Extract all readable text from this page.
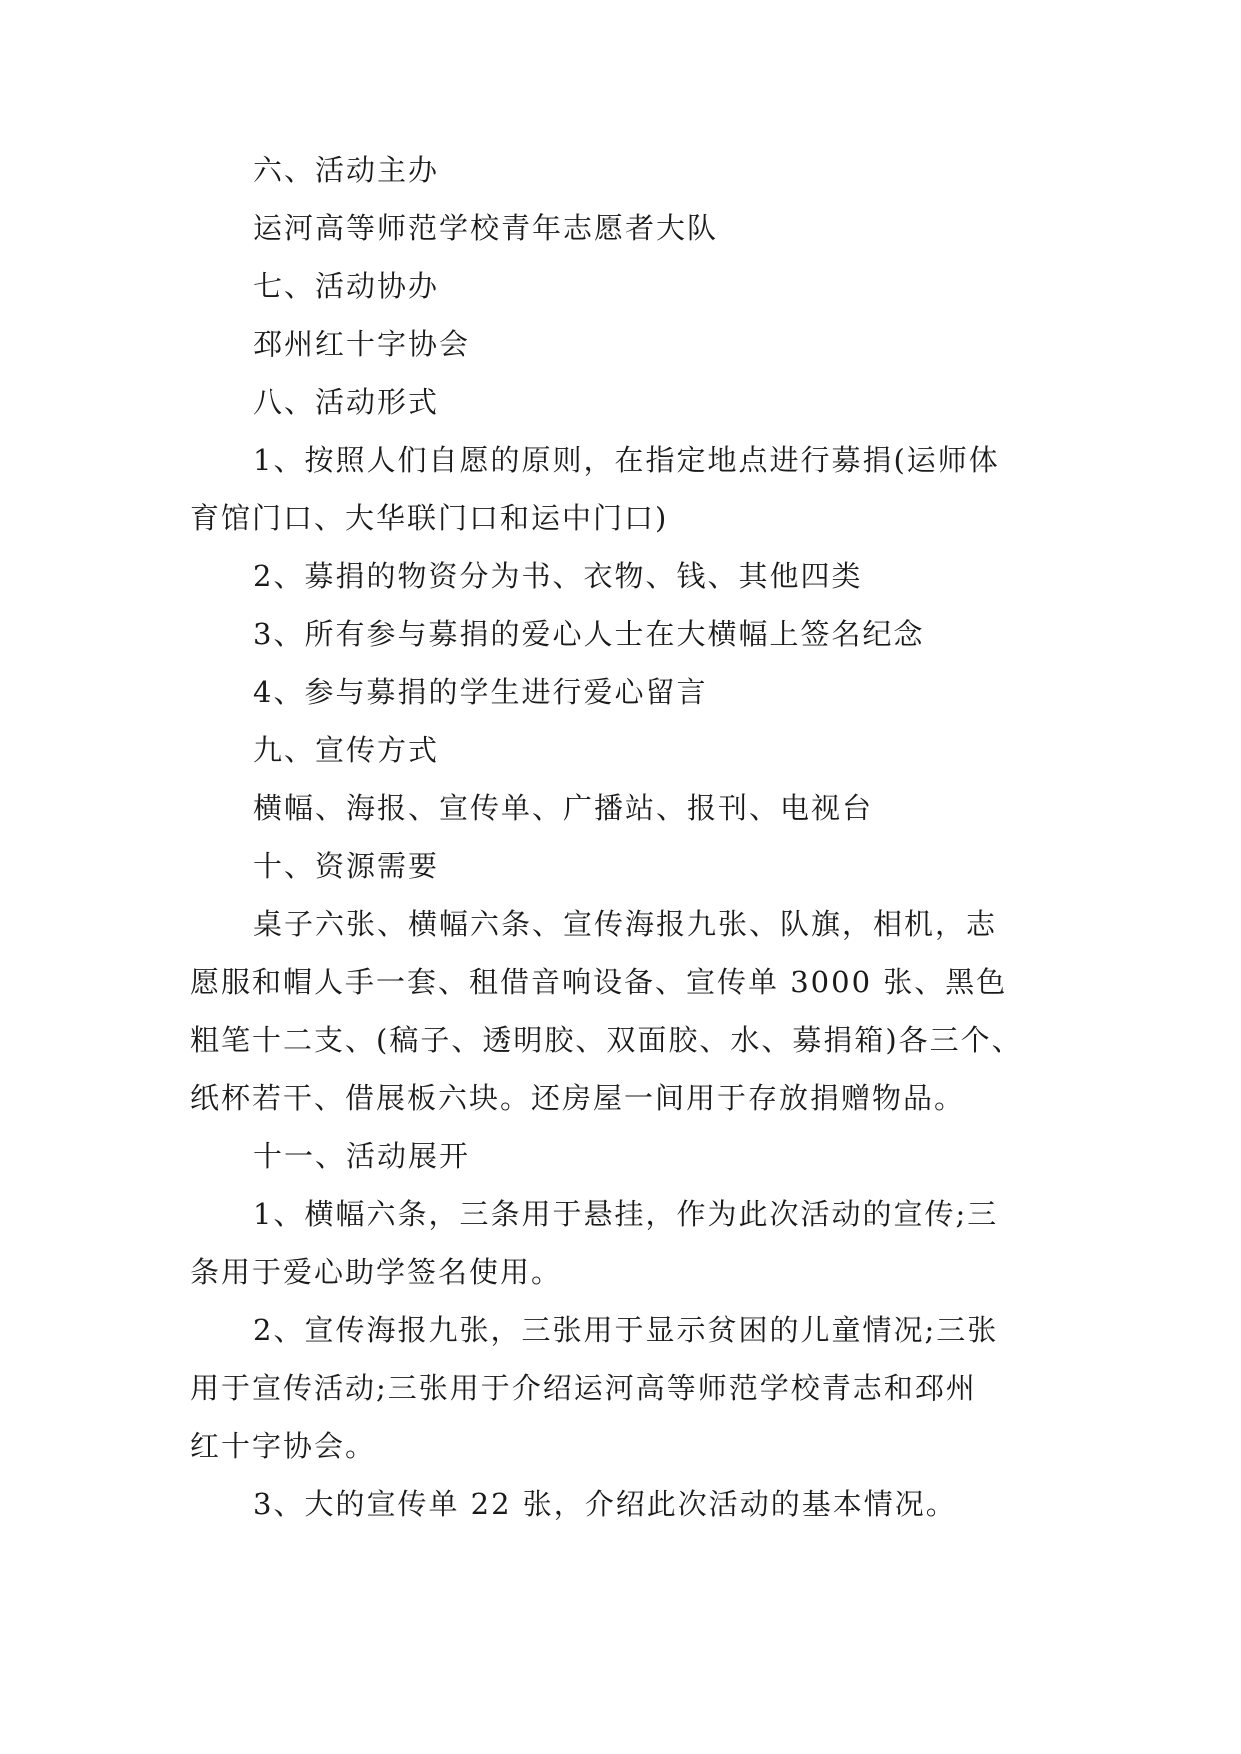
六、活动主办
运河高等师范学校青年志愿者大队
七、活动协办
邳州红十字协会
八、活动形式
1、按照人们自愿的原则，在指定地点进行募捐(运师体
育馆门口、大华联门口和运中门口)
2、募捐的物资分为书、衣物、钱、其他四类
3、所有参与募捐的爱心人士在大横幅上签名纪念
4、参与募捐的学生进行爱心留言
九、宣传方式
横幅、海报、宣传单、广播站、报刊、电视台
十、资源需要
桌子六张、横幅六条、宣传海报九张、队旗，相机，志
愿服和帽人手一套、租借音响设备、宣传单 3000 张、黑色
粗笔十二支、(稿子、透明胶、双面胶、水、募捐箱)各三个、
纸杯若干、借展板六块。还房屋一间用于存放捐赠物品。
十一、活动展开
1、横幅六条，三条用于悬挂，作为此次活动的宣传;三
条用于爱心助学签名使用。
2、宣传海报九张，三张用于显示贫困的儿童情况;三张
用于宣传活动;三张用于介绍运河高等师范学校青志和邳州
红十字协会。
3、大的宣传单 22 张，介绍此次活动的基本情况。
